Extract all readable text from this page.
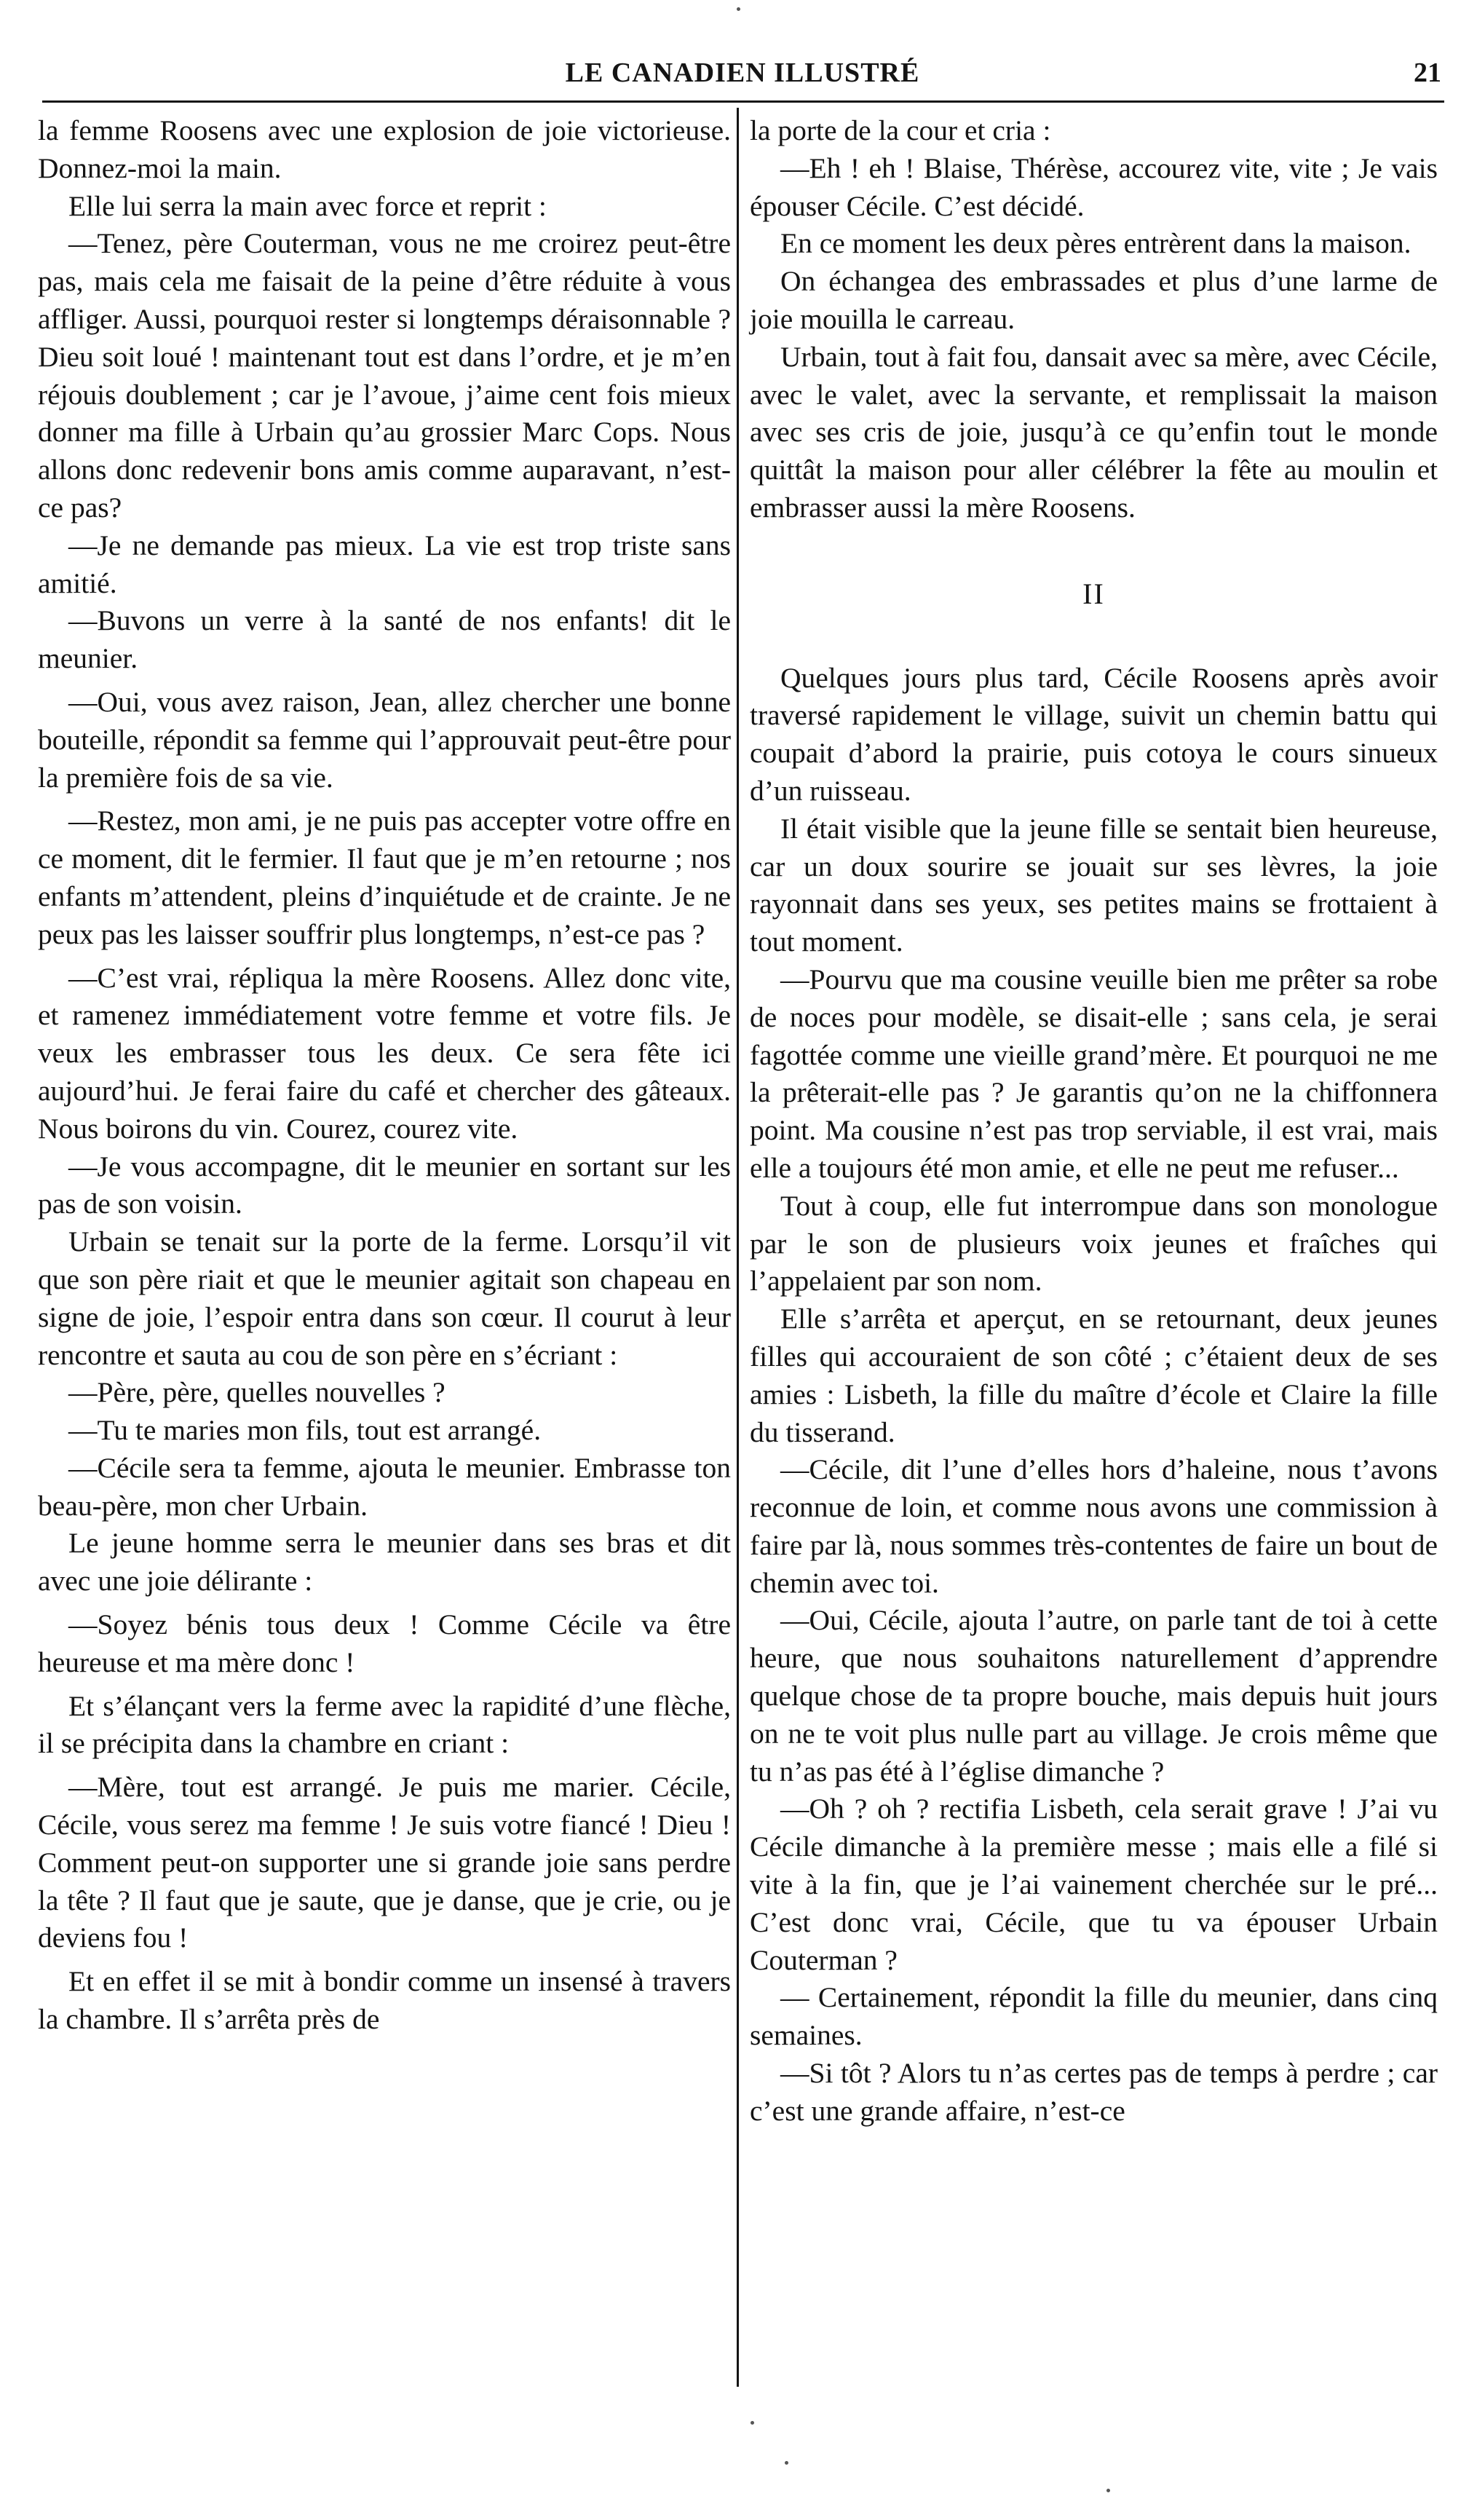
LE CANADIEN ILLUSTRÉ	21

la femme Roosens avec une explosion de joie victorieuse. Donnez-moi la main.

Elle lui serra la main avec force et reprit :

—Tenez, père Couterman, vous ne me croirez peut-être pas, mais cela me faisait de la peine d’être réduite à vous affliger. Aussi, pourquoi rester si longtemps déraisonnable ? Dieu soit loué ! maintenant tout est dans l’ordre, et je m’en réjouis doublement ; car je l’avoue, j’aime cent fois mieux donner ma fille à Urbain qu’au grossier Marc Cops. Nous allons donc redevenir bons amis comme auparavant, n’est-ce pas?

—Je ne demande pas mieux. La vie est trop triste sans amitié.

—Buvons un verre à la santé de nos enfants! dit le meunier.

—Oui, vous avez raison, Jean, allez chercher une bonne bouteille, répondit sa femme qui l’approuvait peut-être pour la première fois de sa vie.

—Restez, mon ami, je ne puis pas accepter votre offre en ce moment, dit le fermier. Il faut que je m’en retourne ; nos enfants m’attendent, pleins d’inquiétude et de crainte. Je ne peux pas les laisser souffrir plus longtemps, n’est-ce pas ?

—C’est vrai, répliqua la mère Roosens. Allez donc vite, et ramenez immédiatement votre femme et votre fils. Je veux les embrasser tous les deux. Ce sera fête ici aujourd’hui. Je ferai faire du café et chercher des gâteaux. Nous boirons du vin. Courez, courez vite.

—Je vous accompagne, dit le meunier en sortant sur les pas de son voisin.

Urbain se tenait sur la porte de la ferme. Lorsqu’il vit que son père riait et que le meunier agitait son chapeau en signe de joie, l’espoir entra dans son cœur. Il courut à leur rencontre et sauta au cou de son père en s’écriant :

—Père, père, quelles nouvelles ?

—Tu te maries mon fils, tout est arrangé.

—Cécile sera ta femme, ajouta le meunier. Embrasse ton beau-père, mon cher Urbain.

Le jeune homme serra le meunier dans ses bras et dit avec une joie délirante :

—Soyez bénis tous deux ! Comme Cécile va être heureuse et ma mère donc !

Et s’élançant vers la ferme avec la rapidité d’une flèche, il se précipita dans la chambre en criant :

—Mère, tout est arrangé. Je puis me marier. Cécile, Cécile, vous serez ma femme ! Je suis votre fiancé ! Dieu ! Comment peut-on supporter une si grande joie sans perdre la tête ? Il faut que je saute, que je danse, que je crie, ou je deviens fou !

Et en effet il se mit à bondir comme un insensé à travers la chambre. Il s’arrêta près de

la porte de la cour et cria :

—Eh ! eh ! Blaise, Thérèse, accourez vite, vite ; Je vais épouser Cécile. C’est décidé.

En ce moment les deux pères entrèrent dans la maison.

On échangea des embrassades et plus d’une larme de joie mouilla le carreau.

Urbain, tout à fait fou, dansait avec sa mère, avec Cécile, avec le valet, avec la servante, et remplissait la maison avec ses cris de joie, jusqu’à ce qu’enfin tout le monde quittât la maison pour aller célébrer la fête au moulin et embrasser aussi la mère Roosens.

II

Quelques jours plus tard, Cécile Roosens après avoir traversé rapidement le village, suivit un chemin battu qui coupait d’abord la prairie, puis cotoya le cours sinueux d’un ruisseau.

Il était visible que la jeune fille se sentait bien heureuse, car un doux sourire se jouait sur ses lèvres, la joie rayonnait dans ses yeux, ses petites mains se frottaient à tout moment.

—Pourvu que ma cousine veuille bien me prêter sa robe de noces pour modèle, se disait-elle ; sans cela, je serai fagottée comme une vieille grand’mère. Et pourquoi ne me la prêterait-elle pas ? Je garantis qu’on ne la chiffonnera point. Ma cousine n’est pas trop serviable, il est vrai, mais elle a toujours été mon amie, et elle ne peut me refuser...

Tout à coup, elle fut interrompue dans son monologue par le son de plusieurs voix jeunes et fraîches qui l’appelaient par son nom.

Elle s’arrêta et aperçut, en se retournant, deux jeunes filles qui accouraient de son côté ; c’étaient deux de ses amies : Lisbeth, la fille du maître d’école et Claire la fille du tisserand.

—Cécile, dit l’une d’elles hors d’haleine, nous t’avons reconnue de loin, et comme nous avons une commission à faire par là, nous sommes très-contentes de faire un bout de chemin avec toi.

—Oui, Cécile, ajouta l’autre, on parle tant de toi à cette heure, que nous souhaitons naturellement d’apprendre quelque chose de ta propre bouche, mais depuis huit jours on ne te voit plus nulle part au village. Je crois même que tu n’as pas été à l’église dimanche ?

—Oh ? oh ? rectifia Lisbeth, cela serait grave ! J’ai vu Cécile dimanche à la première messe ; mais elle a filé si vite à la fin, que je l’ai vainement cherchée sur le pré... C’est donc vrai, Cécile, que tu va épouser Urbain Couterman ?

— Certainement, répondit la fille du meunier, dans cinq semaines.

—Si tôt ? Alors tu n’as certes pas de temps à perdre ; car c’est une grande affaire, n’est-ce
